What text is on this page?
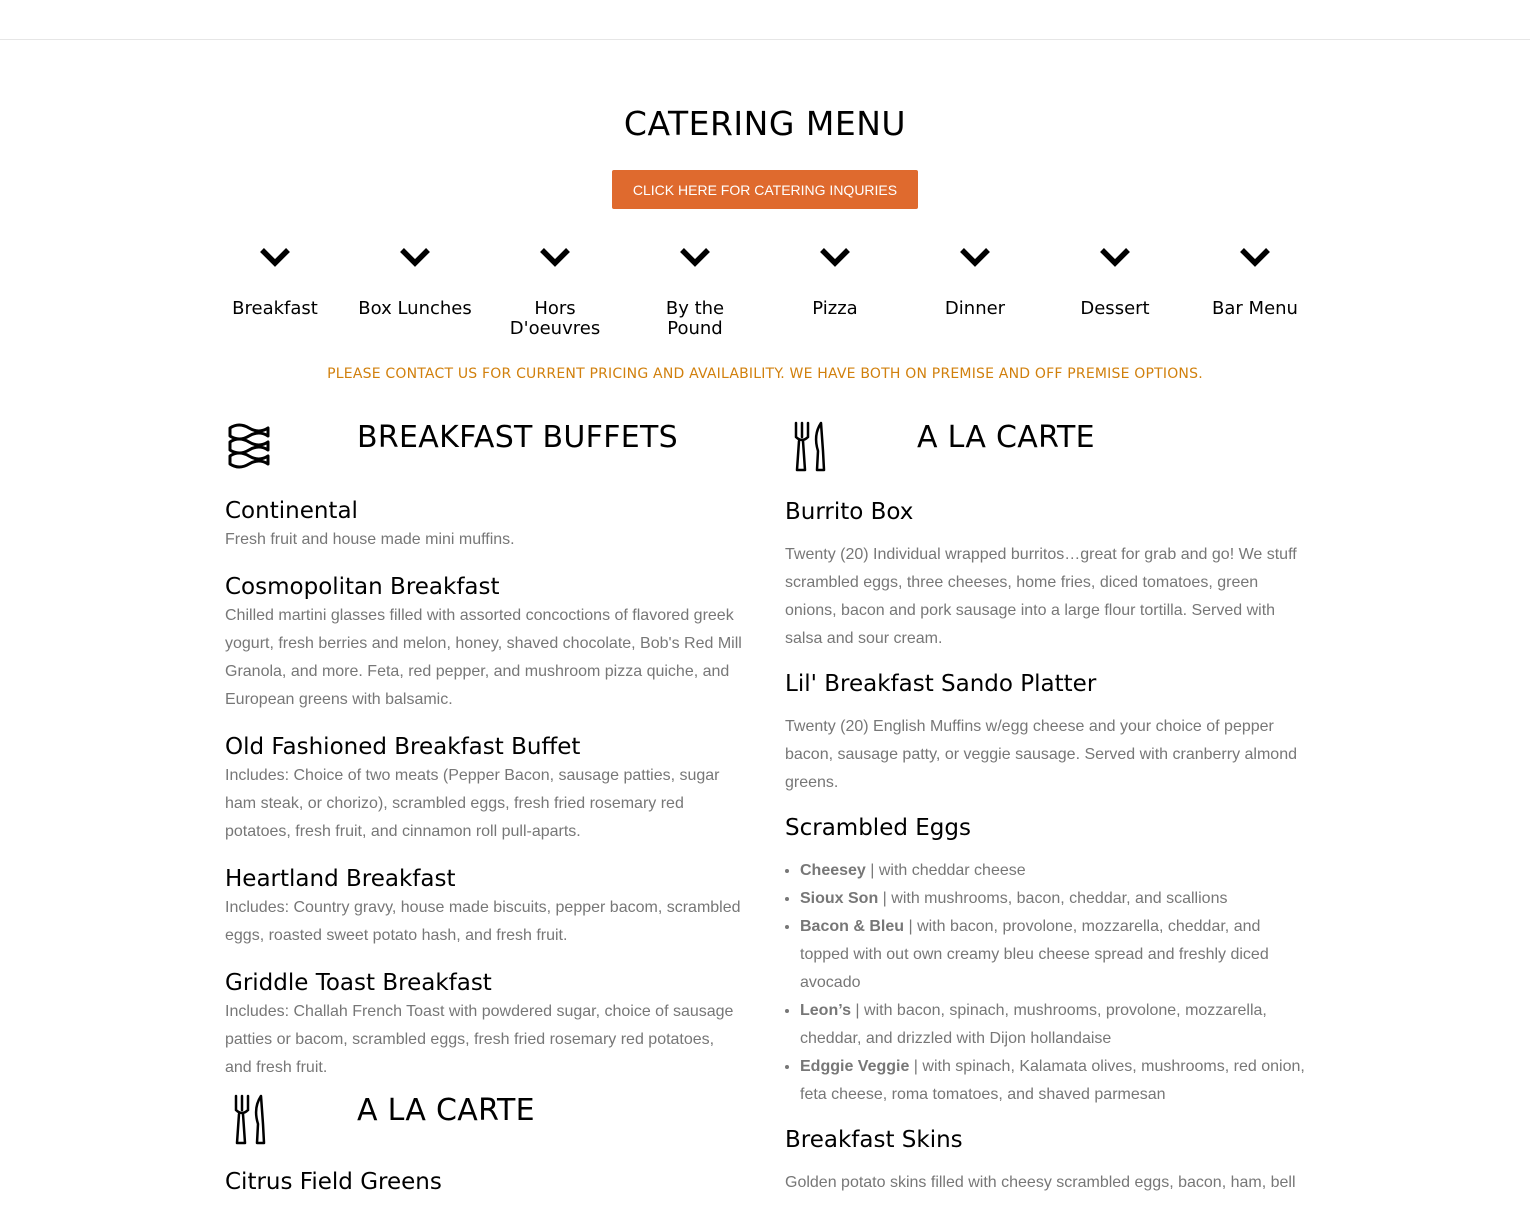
CATERING MENU
CLICK HERE FOR CATERING INQURIES
Breakfast	Box Lunches	Hors D'oeuvres
By the Pound
Pizza	Dinner	Dessert	Bar Menu

PLEASE CONTACT US FOR CURRENT PRICING AND AVAILABILITY. WE HAVE BOTH ON PREMISE AND OFF PREMISE OPTIONS.

BREAKFAST BUFFETS
Continental

Fresh fruit and house made mini muffins.

Cosmopolitan Breakfast

Chilled martini glasses filled with assorted concoctions of flavored greek yogurt, fresh berries and melon, honey, shaved chocolate, Bob's Red Mill Granola, and more. Feta, red pepper, and mushroom pizza quiche, and European greens with balsamic.

Old Fashioned Breakfast Buffet

Includes: Choice of two meats (Pepper Bacon, sausage patties, sugar ham steak, or chorizo), scrambled eggs, fresh fried rosemary red potatoes, fresh fruit, and cinnamon roll pull-aparts.

Heartland Breakfast

Includes: Country gravy, house made biscuits, pepper bacom, scrambled eggs, roasted sweet potato hash, and fresh fruit.

Griddle Toast Breakfast

Includes: Challah French Toast with powdered sugar, choice of sausage patties or bacom, scrambled eggs, fresh fried rosemary red potatoes, and fresh fruit.

A LA CARTE
Citrus Field Greens
A LA CARTE
Burrito Box

Twenty (20) Individual wrapped burritos…great for grab and go! We stuff scrambled eggs, three cheeses, home fries, diced tomatoes, green onions, bacon and pork sausage into a large flour tortilla. Served with salsa and sour cream.

Lil' Breakfast Sando Platter

Twenty (20) English Muffins w/egg cheese and your choice of pepper bacon, sausage patty, or veggie sausage. Served with cranberry almond greens.

Scrambled Eggs
• Cheesey | with cheddar cheese
• Sioux Son | with mushrooms, bacon, cheddar, and scallions
• Bacon & Bleu | with bacon, provolone, mozzarella, cheddar, and topped with out own creamy bleu cheese spread and freshly diced avocado
• Leon’s | with bacon, spinach, mushrooms, provolone, mozzarella, cheddar, and drizzled with Dijon hollandaise
• Edggie Veggie | with spinach, Kalamata olives, mushrooms, red onion, feta cheese, roma tomatoes, and shaved parmesan
Breakfast Skins

Golden potato skins filled with cheesy scrambled eggs, bacon, ham, bell
